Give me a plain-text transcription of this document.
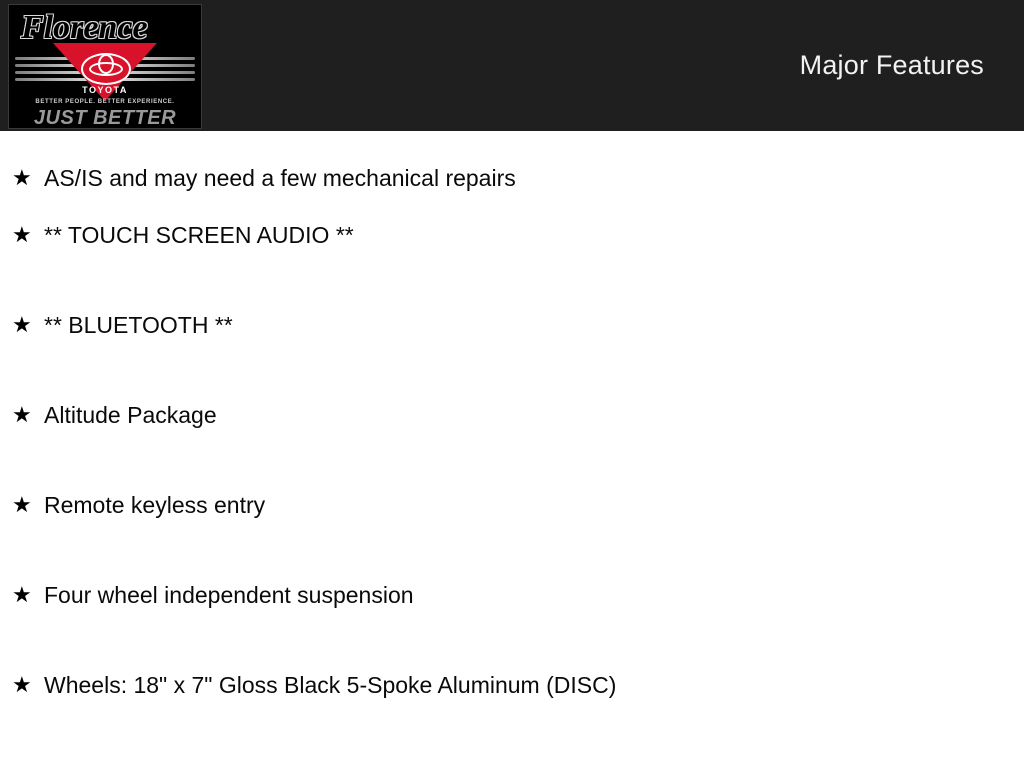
Florence
TOYOTA
BETTER PEOPLE. BETTER EXPERIENCE.
JUST BETTER
Major Features
★ AS/IS and may need a few mechanical repairs
★ ** TOUCH SCREEN AUDIO **
★ ** BLUETOOTH **
★ Altitude Package
★ Remote keyless entry
★ Four wheel independent suspension
★ Wheels: 18" x 7" Gloss Black 5-Spoke Aluminum (DISC)
